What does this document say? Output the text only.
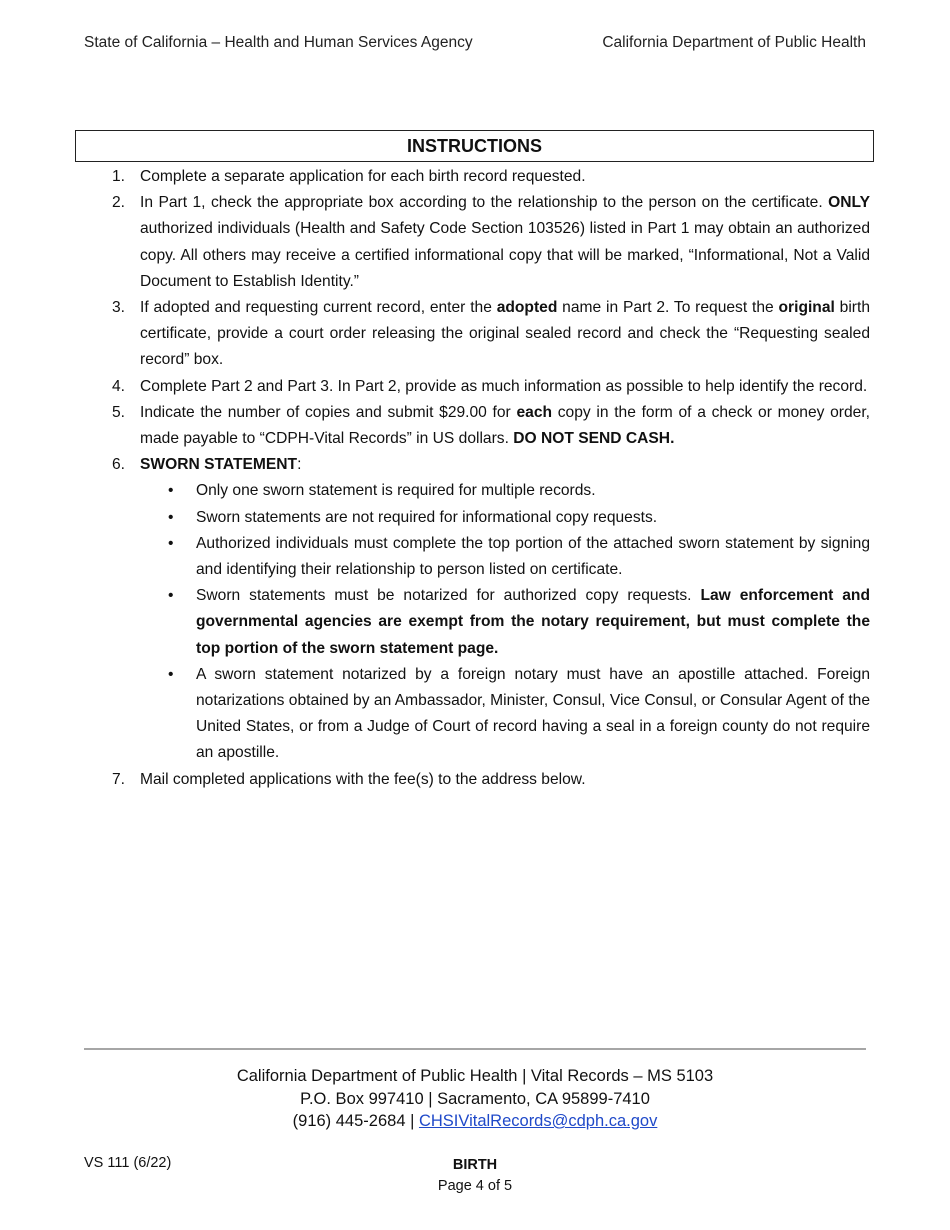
State of California – Health and Human Services Agency	California Department of Public Health
INSTRUCTIONS
1. Complete a separate application for each birth record requested.
2. In Part 1, check the appropriate box according to the relationship to the person on the certificate. ONLY authorized individuals (Health and Safety Code Section 103526) listed in Part 1 may obtain an authorized copy. All others may receive a certified informational copy that will be marked, “Informational, Not a Valid Document to Establish Identity.”
3. If adopted and requesting current record, enter the adopted name in Part 2. To request the original birth certificate, provide a court order releasing the original sealed record and check the “Requesting sealed record” box.
4. Complete Part 2 and Part 3. In Part 2, provide as much information as possible to help identify the record.
5. Indicate the number of copies and submit $29.00 for each copy in the form of a check or money order, made payable to “CDPH-Vital Records” in US dollars. DO NOT SEND CASH.
6. SWORN STATEMENT:
• Only one sworn statement is required for multiple records.
• Sworn statements are not required for informational copy requests.
• Authorized individuals must complete the top portion of the attached sworn statement by signing and identifying their relationship to person listed on certificate.
• Sworn statements must be notarized for authorized copy requests. Law enforcement and governmental agencies are exempt from the notary requirement, but must complete the top portion of the sworn statement page.
• A sworn statement notarized by a foreign notary must have an apostille attached. Foreign notarizations obtained by an Ambassador, Minister, Consul, Vice Consul, or Consular Agent of the United States, or from a Judge of Court of record having a seal in a foreign county do not require an apostille.
7. Mail completed applications with the fee(s) to the address below.
California Department of Public Health | Vital Records – MS 5103
P.O. Box 997410 | Sacramento, CA 95899-7410
(916) 445-2684 | CHSIVitalRecords@cdph.ca.gov
VS 111 (6/22)	BIRTH
Page 4 of 5
